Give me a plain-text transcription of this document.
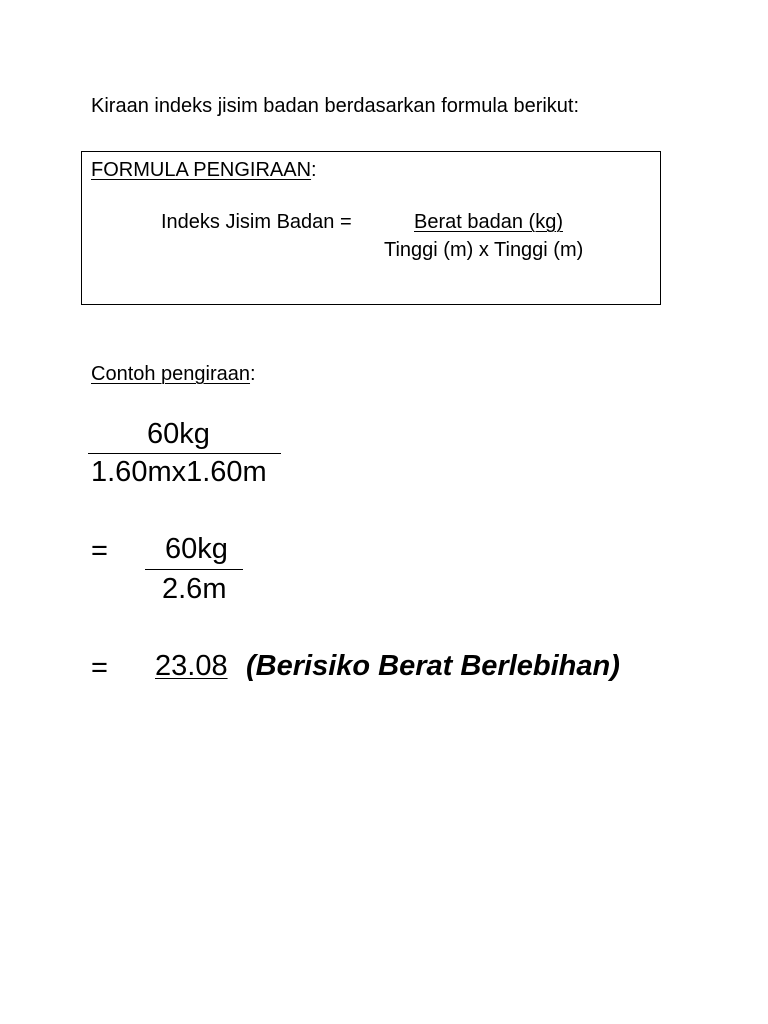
Kiraan indeks jisim badan berdasarkan formula berikut:
FORMULA PENGIRAAN:
Indeks Jisim Badan =	Berat badan (kg)
Tinggi (m) x Tinggi (m)
Contoh pengiraan:
60kg
1.60mx1.60m
= 60kg
2.6m
= 23.08 (Berisiko Berat Berlebihan)
